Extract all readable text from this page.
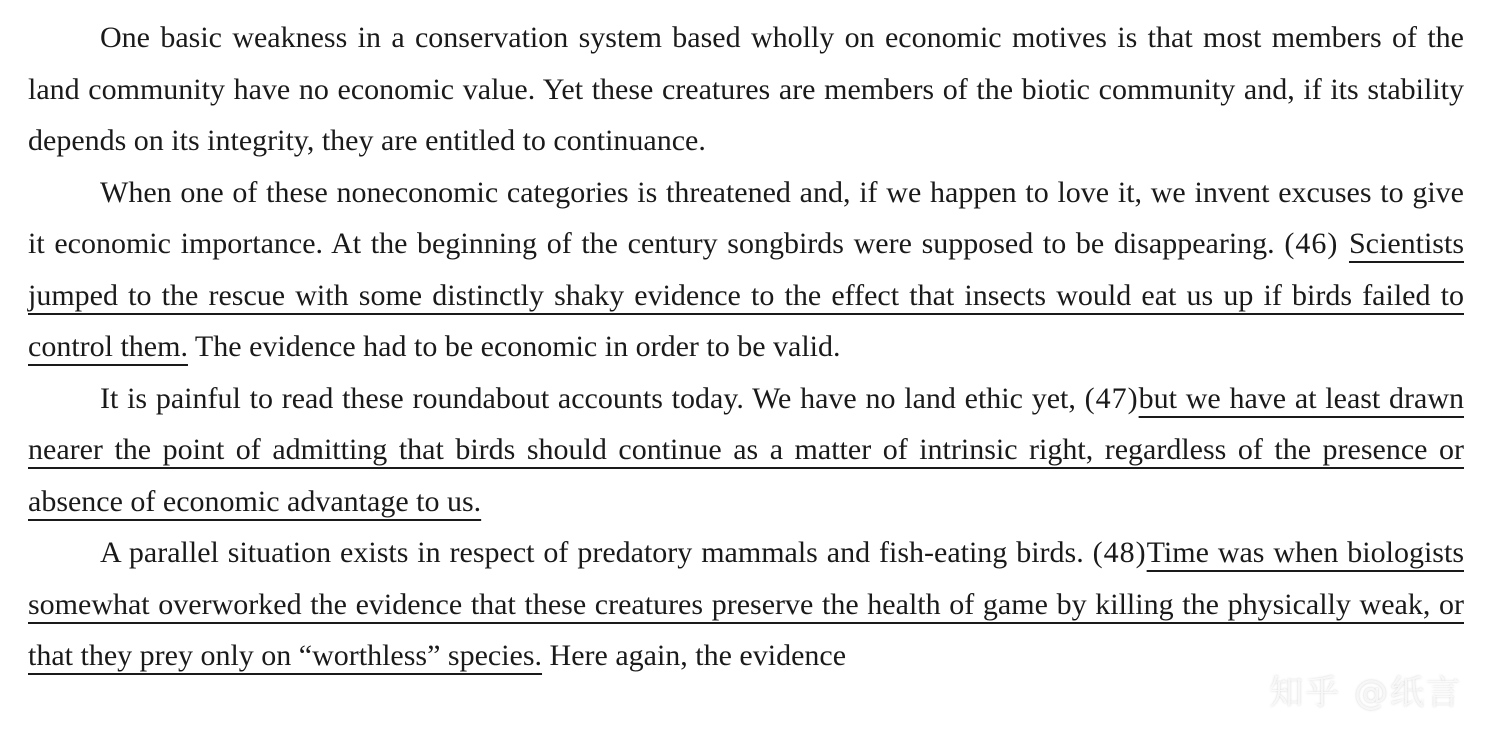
One basic weakness in a conservation system based wholly on economic motives is that most members of the land community have no economic value. Yet these creatures are members of the biotic community and, if its stability depends on its integrity, they are entitled to continuance.

When one of these noneconomic categories is threatened and, if we happen to love it, we invent excuses to give it economic importance. At the beginning of the century songbirds were supposed to be disappearing. (46) Scientists jumped to the rescue with some distinctly shaky evidence to the effect that insects would eat us up if birds failed to control them. The evidence had to be economic in order to be valid.

It is painful to read these roundabout accounts today. We have no land ethic yet, (47)but we have at least drawn nearer the point of admitting that birds should continue as a matter of intrinsic right, regardless of the presence or absence of economic advantage to us.

A parallel situation exists in respect of predatory mammals and fish-eating birds. (48)Time was when biologists somewhat overworked the evidence that these creatures preserve the health of game by killing the physically weak, or that they prey only on “worthless” species. Here again, the evidence

知乎 @纸言
